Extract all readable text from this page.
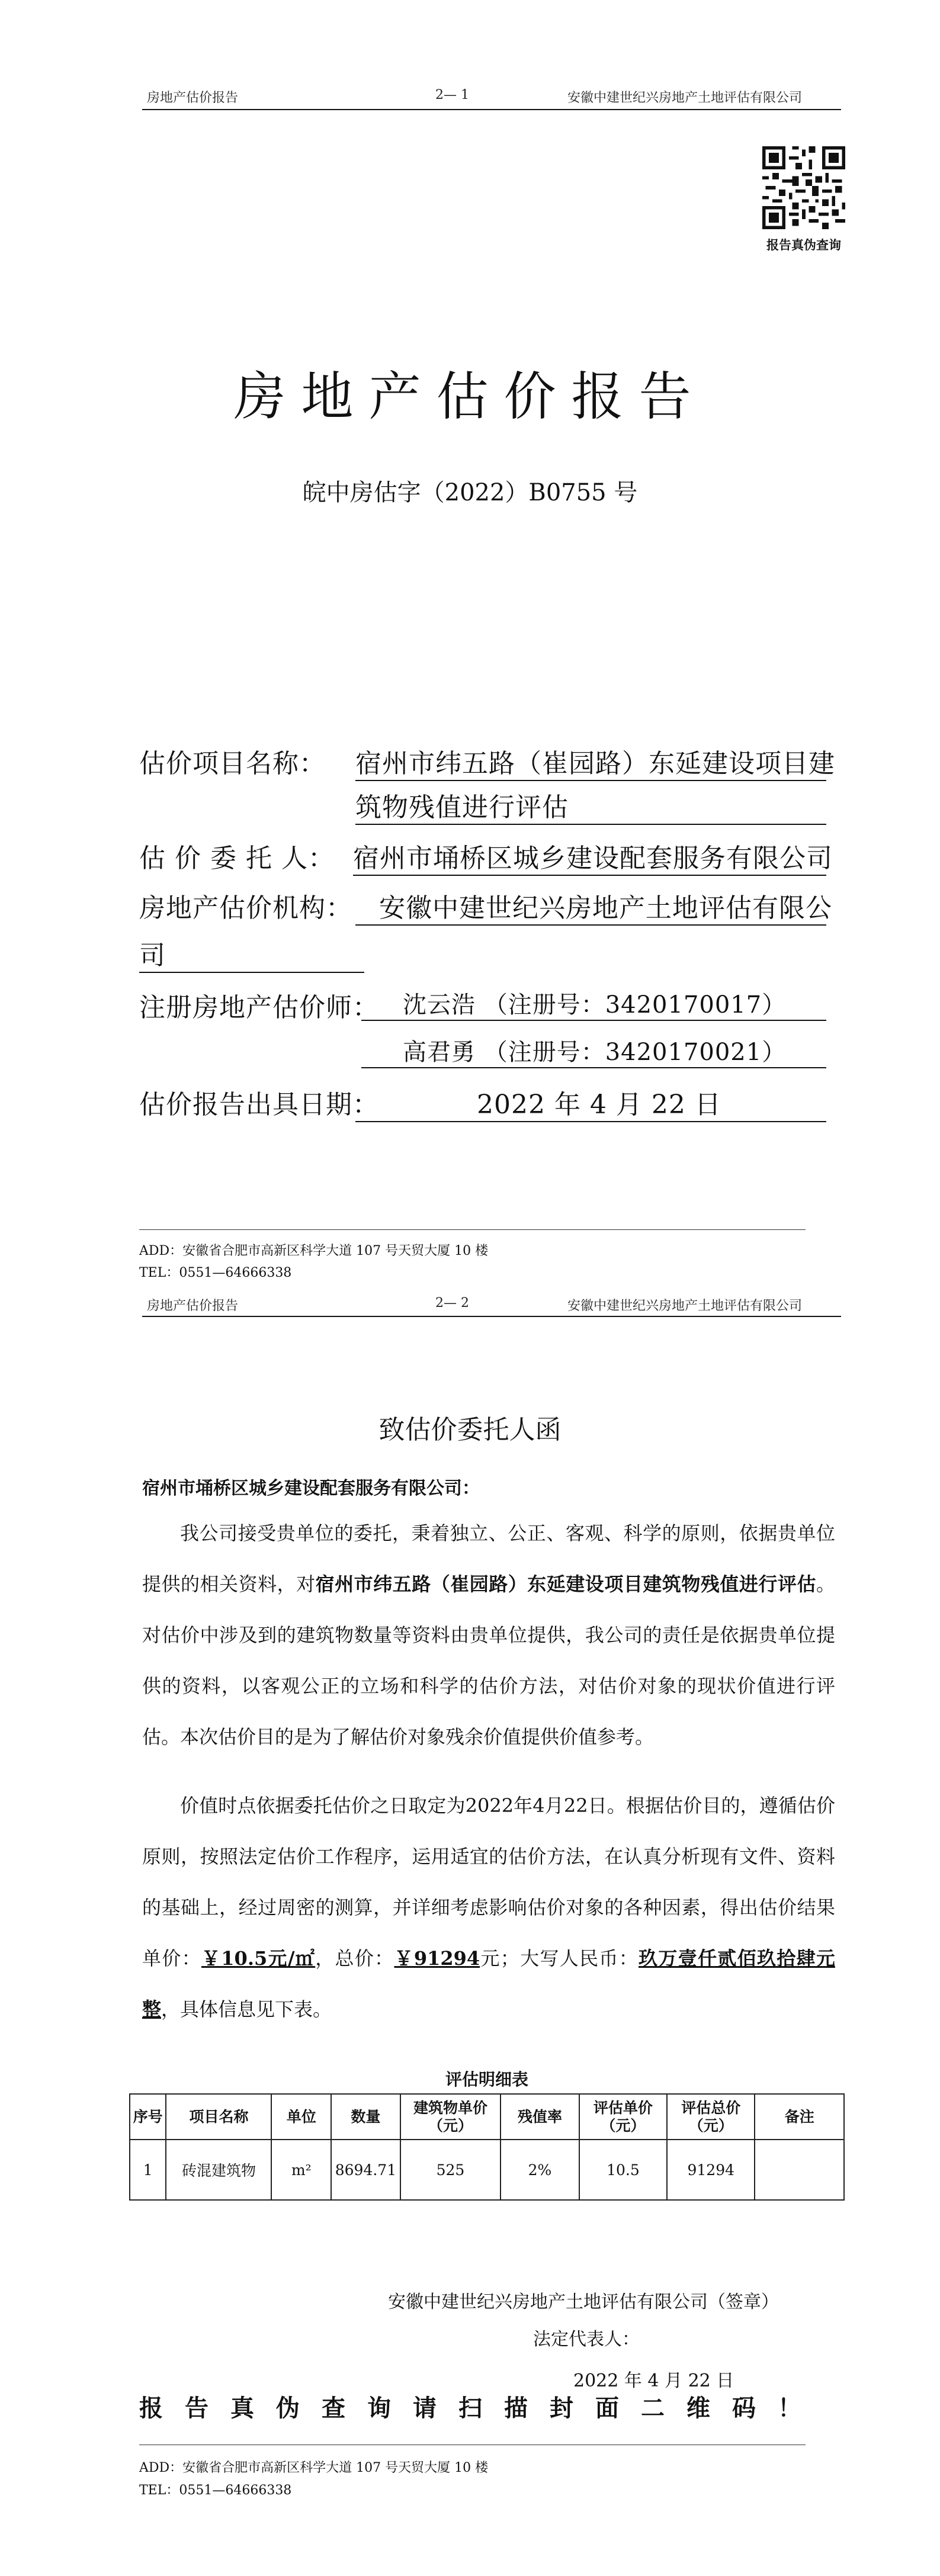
房地产估价报告	2— 1	安徽中建世纪兴房地产土地评估有限公司
报告真伪查询
房地产估价报告
皖中房估字（2022）B0755 号
估价项目名称： 宿州市纬五路（崔园路）东延建设项目建
筑物残值进行评估
估 价 委 托 人： 宿州市埇桥区城乡建设配套服务有限公司
房地产估价机构：	安徽中建世纪兴房地产土地评估有限公
司
注册房地产估价师：	沈云浩 （注册号：3420170017）
高君勇 （注册号：3420170021）
估价报告出具日期：	2022 年 4 月 22 日
ADD：安徽省合肥市高新区科学大道 107 号天贸大厦 10 楼
TEL：0551—64666338
房地产估价报告	2— 2	安徽中建世纪兴房地产土地评估有限公司
致估价委托人函
宿州市埇桥区城乡建设配套服务有限公司：
我公司接受贵单位的委托，秉着独立、公正、客观、科学的原则，依据贵单位提供的相关资料，对宿州市纬五路（崔园路）东延建设项目建筑物残值进行评估。对估价中涉及到的建筑物数量等资料由贵单位提供，我公司的责任是依据贵单位提供的资料，以客观公正的立场和科学的估价方法，对估价对象的现状价值进行评估。本次估价目的是为了解估价对象残余价值提供价值参考。
价值时点依据委托估价之日取定为2022年4月22日。根据估价目的，遵循估价原则，按照法定估价工作程序，运用适宜的估价方法，在认真分析现有文件、资料的基础上，经过周密的测算，并详细考虑影响估价对象的各种因素，得出估价结果单价：￥10.5元/㎡，总价：￥91294元；大写人民币：玖万壹仟贰佰玖拾肆元整，具体信息见下表。
评估明细表
序号	项目名称	单位	数量	建筑物单价（元）	残值率	评估单价（元）	评估总价（元）	备注
1	砖混建筑物	m²	8694.71	525	2%	10.5	91294	
安徽中建世纪兴房地产土地评估有限公司（签章）
法定代表人：
2022 年 4 月 22 日
报告真伪查询请扫描封面二维码！
ADD：安徽省合肥市高新区科学大道 107 号天贸大厦 10 楼
TEL：0551—64666338
